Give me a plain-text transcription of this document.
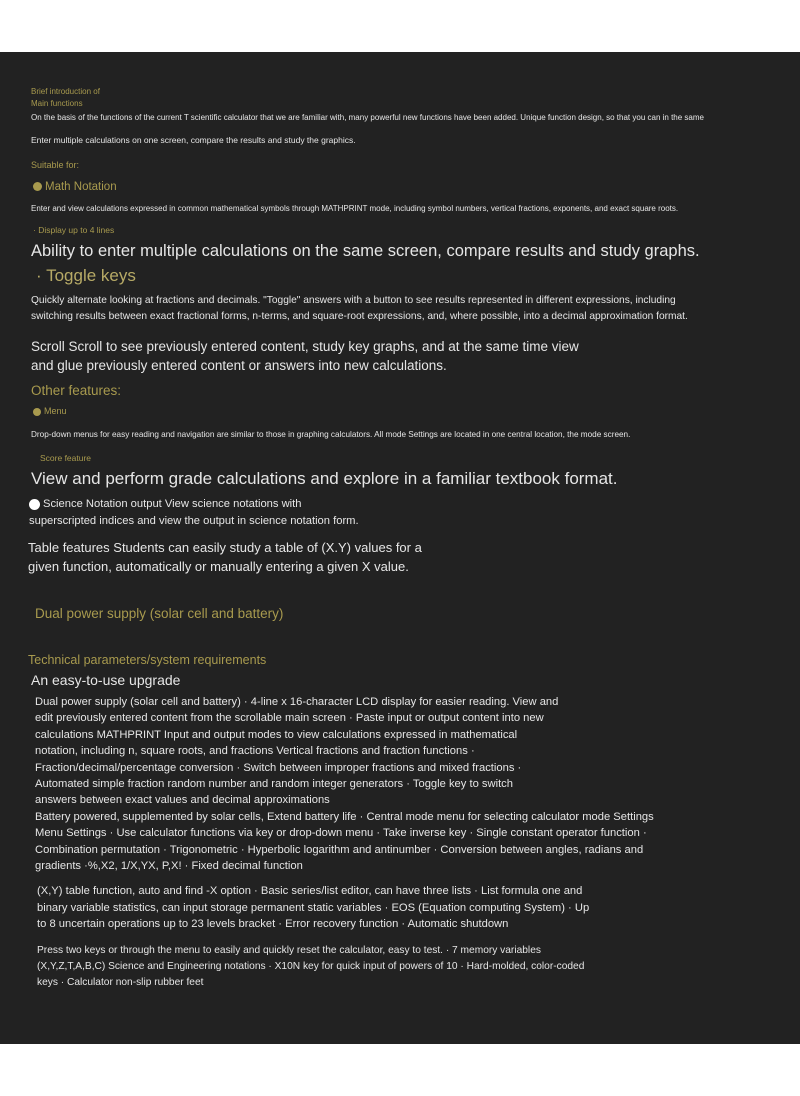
Brief introduction of

Main functions

On the basis of the functions of the current T scientific calculator that we are familiar with, many powerful new functions have been added. Unique function design, so that you can in the same

Enter multiple calculations on one screen, compare the results and study the graphics.

Suitable for:

Math Notation

Enter and view calculations expressed in common mathematical symbols through MATHPRINT mode, including symbol numbers, vertical fractions, exponents, and exact square roots.

· Display up to 4 lines

Ability to enter multiple calculations on the same screen, compare results and study graphs.

· Toggle keys

Quickly alternate looking at fractions and decimals. "Toggle" answers with a button to see results represented in different expressions, including

switching results between exact fractional forms, n-terms, and square-root expressions, and, where possible, into a decimal approximation format.

Scroll Scroll to see previously entered content, study key graphs, and at the same time view

and glue previously entered content or answers into new calculations.

Other features:

Menu

Drop-down menus for easy reading and navigation are similar to those in graphing calculators. All mode Settings are located in one central location, the mode screen.

Score feature

View and perform grade calculations and explore in a familiar textbook format.

Science Notation output View science notations with

superscripted indices and view the output in science notation form.

Table features Students can easily study a table of (X.Y) values for a

given function, automatically or manually entering a given X value.

Dual power supply (solar cell and battery)

Technical parameters/system requirements

An easy-to-use upgrade

Dual power supply (solar cell and battery) · 4-line x 16-character LCD display for easier reading. View and
edit previously entered content from the scrollable main screen · Paste input or output content into new
calculations MATHPRINT Input and output modes to view calculations expressed in mathematical
notation, including n, square roots, and fractions Vertical fractions and fraction functions ·
Fraction/decimal/percentage conversion · Switch between improper fractions and mixed fractions ·
Automated simple fraction random number and random integer generators · Toggle key to switch
answers between exact values and decimal approximations
Battery powered, supplemented by solar cells, Extend battery life · Central mode menu for selecting calculator mode Settings
Menu Settings · Use calculator functions via key or drop-down menu · Take inverse key · Single constant operator function ·
Combination permutation · Trigonometric · Hyperbolic logarithm and antinumber · Conversion between angles, radians and
gradients ·%,X2, 1/X,YX, P,X! · Fixed decimal function
(X,Y) table function, auto and find -X option · Basic series/list editor, can have three lists · List formula one and
binary variable statistics, can input storage permanent static variables · EOS (Equation computing System) · Up
to 8 uncertain operations up to 23 levels bracket · Error recovery function · Automatic shutdown
Press two keys or through the menu to easily and quickly reset the calculator, easy to test. · 7 memory variables
(X,Y,Z,T,A,B,C) Science and Engineering notations · X10N key for quick input of powers of 10 · Hard-molded, color-coded
keys · Calculator non-slip rubber feet
